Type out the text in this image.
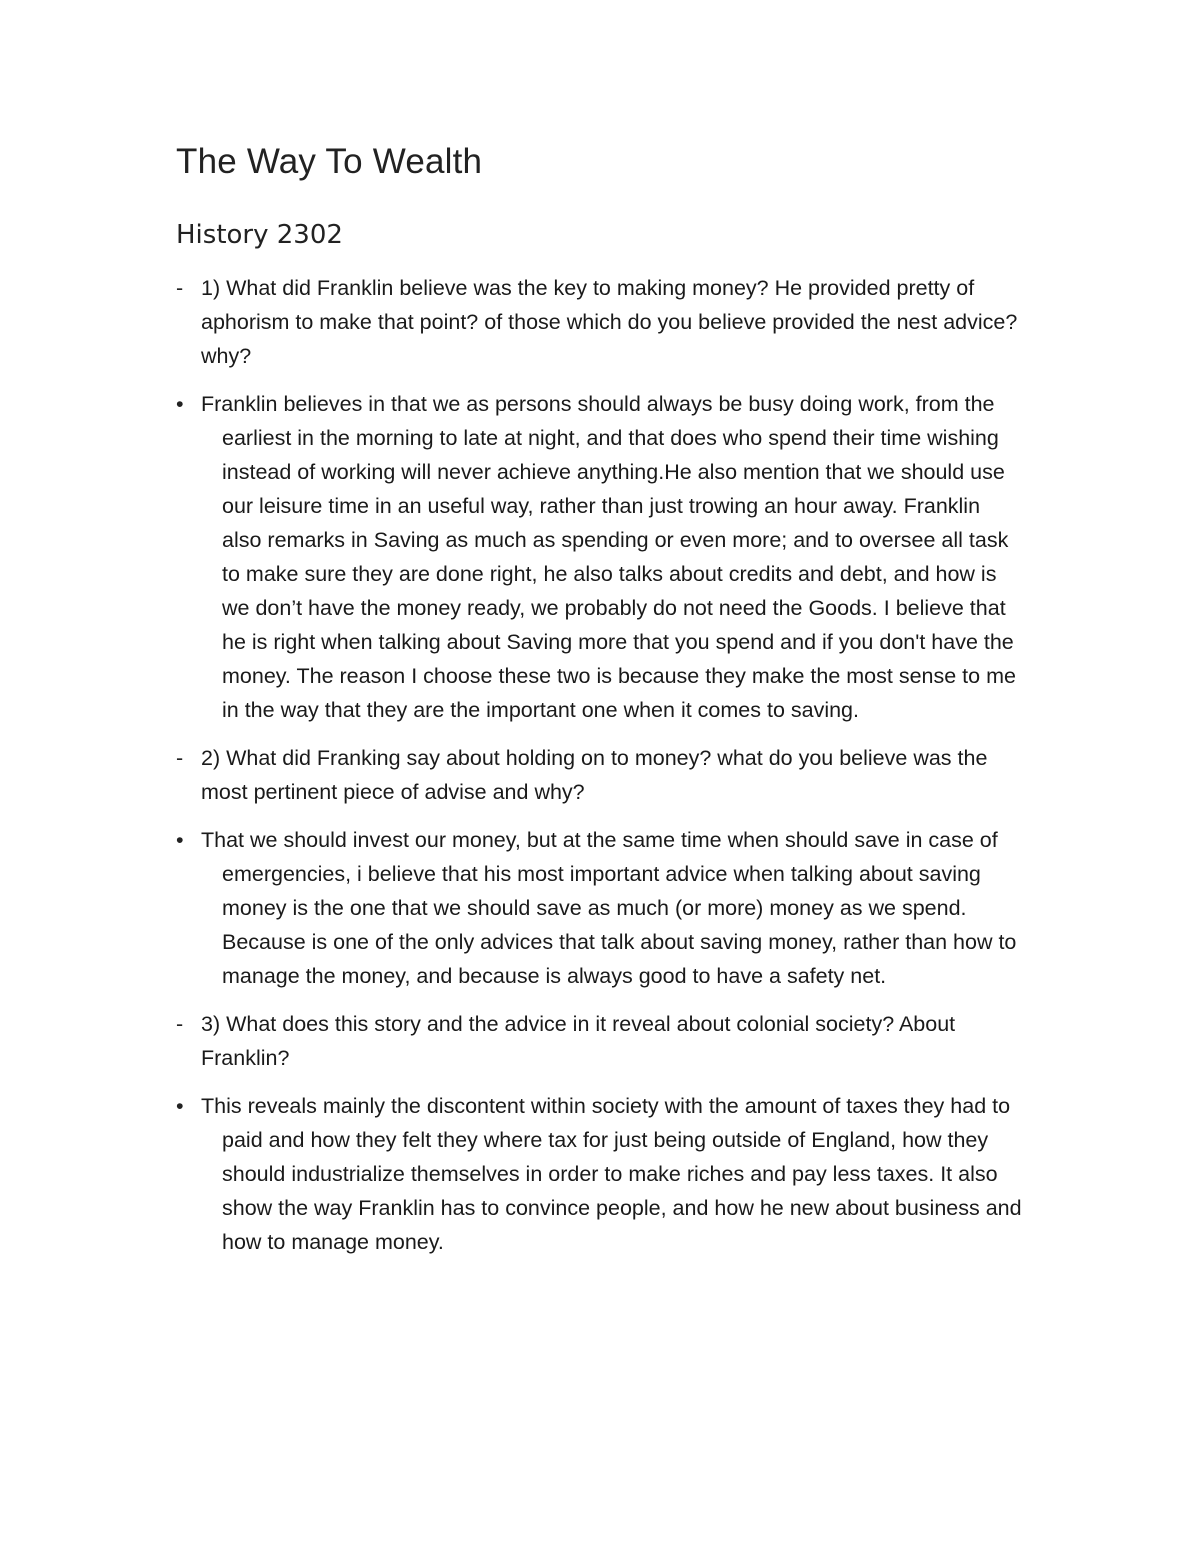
The Way To Wealth
History 2302
- 1) What did Franklin believe was the key to making money? He provided pretty of aphorism to make that point? of those which do you believe provided the nest advice? why?
• Franklin believes in that we as persons should always be busy doing work, from the earliest in the morning to late at night, and that does who spend their time wishing instead of working will never achieve anything.He also mention that we should use our leisure time in an useful way, rather than just trowing an hour away. Franklin also remarks in Saving as much as spending or even more; and to oversee all task to make sure they are done right, he also talks about credits and debt, and how is we don’t have the money ready, we probably do not need the Goods. I believe that he is right when talking about Saving more that you spend and if you don't have the money. The reason I choose these two is because they make the most sense to me in the way that they are the important one when it comes to saving.
- 2) What did Franking say about holding on to money? what do you believe was the most pertinent piece of advise and why?
• That we should invest our money, but at the same time when should save in case of emergencies, i believe that his most important advice when talking about saving money is the one that we should save as much (or more) money as we spend. Because is one of the only advices that talk about saving money, rather than how to manage the money, and because is always good to have a safety net.
- 3) What does this story and the advice in it reveal about colonial society? About Franklin?
• This reveals mainly the discontent within society with the amount of taxes they had to paid and how they felt they where tax for just being outside of England, how they should industrialize themselves in order to make riches and pay less taxes. It also show the way Franklin has to convince people, and how he new about business and how to manage money.
